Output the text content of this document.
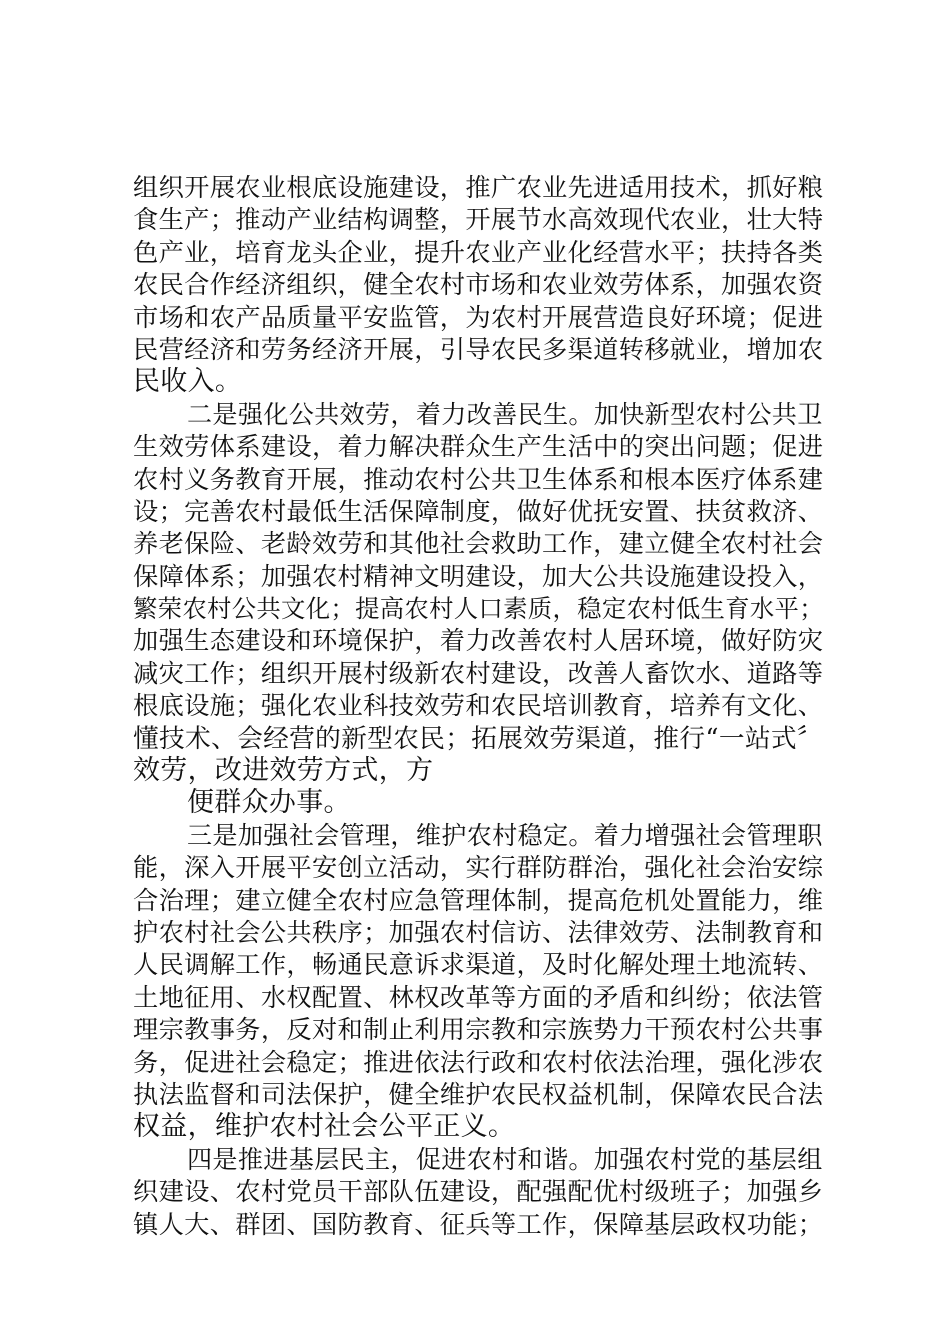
组织开展农业根底设施建设，推广农业先进适用技术，抓好粮
食生产；推动产业结构调整，开展节水高效现代农业，壮大特
色产业，培育龙头企业，提升农业产业化经营水平；扶持各类
农民合作经济组织，健全农村市场和农业效劳体系，加强农资
市场和农产品质量平安监管，为农村开展营造良好环境；促进
民营经济和劳务经济开展，引导农民多渠道转移就业，增加农
民收入。
二是强化公共效劳，着力改善民生。加快新型农村公共卫
生效劳体系建设，着力解决群众生产生活中的突出问题；促进
农村义务教育开展，推动农村公共卫生体系和根本医疗体系建
设；完善农村最低生活保障制度，做好优抚安置、扶贫救济、
养老保险、老龄效劳和其他社会救助工作，建立健全农村社会
保障体系；加强农村精神文明建设，加大公共设施建设投入，
繁荣农村公共文化；提高农村人口素质，稳定农村低生育水平；
加强生态建设和环境保护，着力改善农村人居环境，做好防灾
减灾工作；组织开展村级新农村建设，改善人畜饮水、道路等
根底设施；强化农业科技效劳和农民培训教育，培养有文化、
懂技术、会经营的新型农民；拓展效劳渠道，推行“一站式〞
效劳，改进效劳方式，方
便群众办事。
三是加强社会管理，维护农村稳定。着力增强社会管理职
能，深入开展平安创立活动，实行群防群治，强化社会治安综
合治理；建立健全农村应急管理体制，提高危机处置能力，维
护农村社会公共秩序；加强农村信访、法律效劳、法制教育和
人民调解工作，畅通民意诉求渠道，及时化解处理土地流转、
土地征用、水权配置、林权改革等方面的矛盾和纠纷；依法管
理宗教事务，反对和制止利用宗教和宗族势力干预农村公共事
务，促进社会稳定；推进依法行政和农村依法治理，强化涉农
执法监督和司法保护，健全维护农民权益机制，保障农民合法
权益，维护农村社会公平正义。
四是推进基层民主，促进农村和谐。加强农村党的基层组
织建设、农村党员干部队伍建设，配强配优村级班子；加强乡
镇人大、群团、国防教育、征兵等工作，保障基层政权功能；
